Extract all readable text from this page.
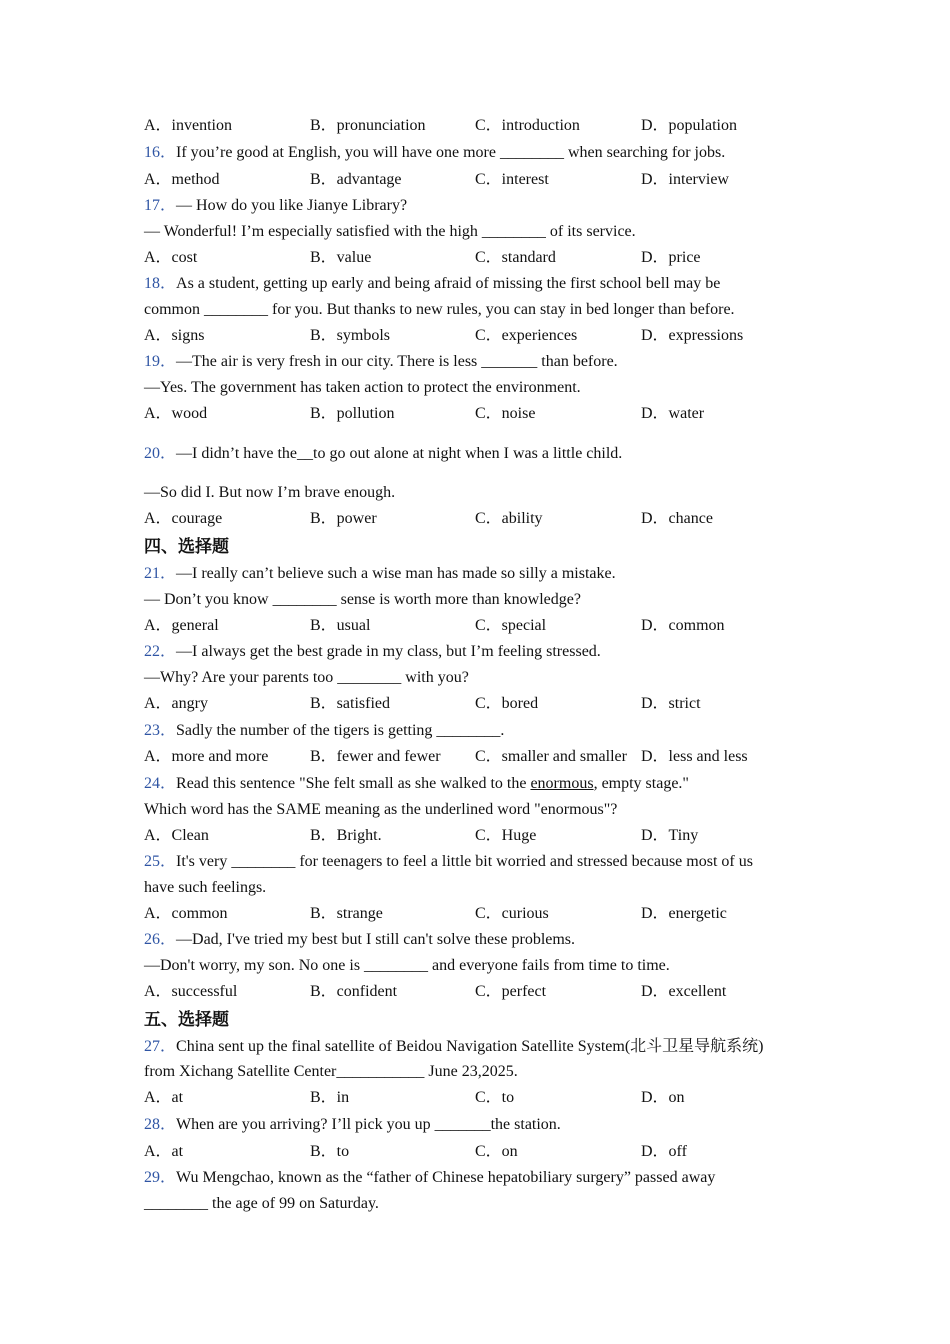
A．invention	B．pronunciation	C．introduction	D．population
16．If you’re good at English, you will have one more ________ when searching for jobs.
A．method	B．advantage	C．interest	D．interview
17．— How do you like Jianye Library?
— Wonderful! I’m especially satisfied with the high ________ of its service.
A．cost	B．value	C．standard	D．price
18．As a student, getting up early and being afraid of missing the first school bell may be
common ________ for you. But thanks to new rules, you can stay in bed longer than before.
A．signs	B．symbols	C．experiences	D．expressions
19．—The air is very fresh in our city. There is less _______ than before.
—Yes. The government has taken action to protect the environment.
A．wood	B．pollution	C．noise	D．water
20．—I didn’t have the__to go out alone at night when I was a little child.
—So did I. But now I’m brave enough.
A．courage	B．power	C．ability	D．chance
四、选择题
21．—I really can’t believe such a wise man has made so silly a mistake.
— Don’t you know ________ sense is worth more than knowledge?
A．general	B．usual	C．special	D．common
22．—I always get the best grade in my class, but I’m feeling stressed.
—Why? Are your parents too ________ with you?
A．angry	B．satisfied	C．bored	D．strict
23．Sadly the number of the tigers is getting ________.
A．more and more	B．fewer and fewer C．smaller and smaller D．less and less
24．Read this sentence "She felt small as she walked to the enormous, empty stage."
Which word has the SAME meaning as the underlined word "enormous"?
A．Clean	B．Bright.	C．Huge	D．Tiny
25．It's very ________ for teenagers to feel a little bit worried and stressed because most of us
have such feelings.
A．common	B．strange	C．curious	D．energetic
26．—Dad, I've tried my best but I still can't solve these problems.
—Don't worry, my son. No one is ________ and everyone fails from time to time.
A．successful	B．confident	C．perfect	D．excellent
五、选择题
27．China sent up the final satellite of Beidou Navigation Satellite System(北斗卫星导航系统)
from Xichang Satellite Center___________ June 23,2025.
A．at	B．in	C．to	D．on
28．When are you arriving? I’ll pick you up _______the station.
A．at	B．to	C．on	D．off
29．Wu Mengchao, known as the “father of Chinese hepatobiliary surgery” passed away
________ the age of 99 on Saturday.
